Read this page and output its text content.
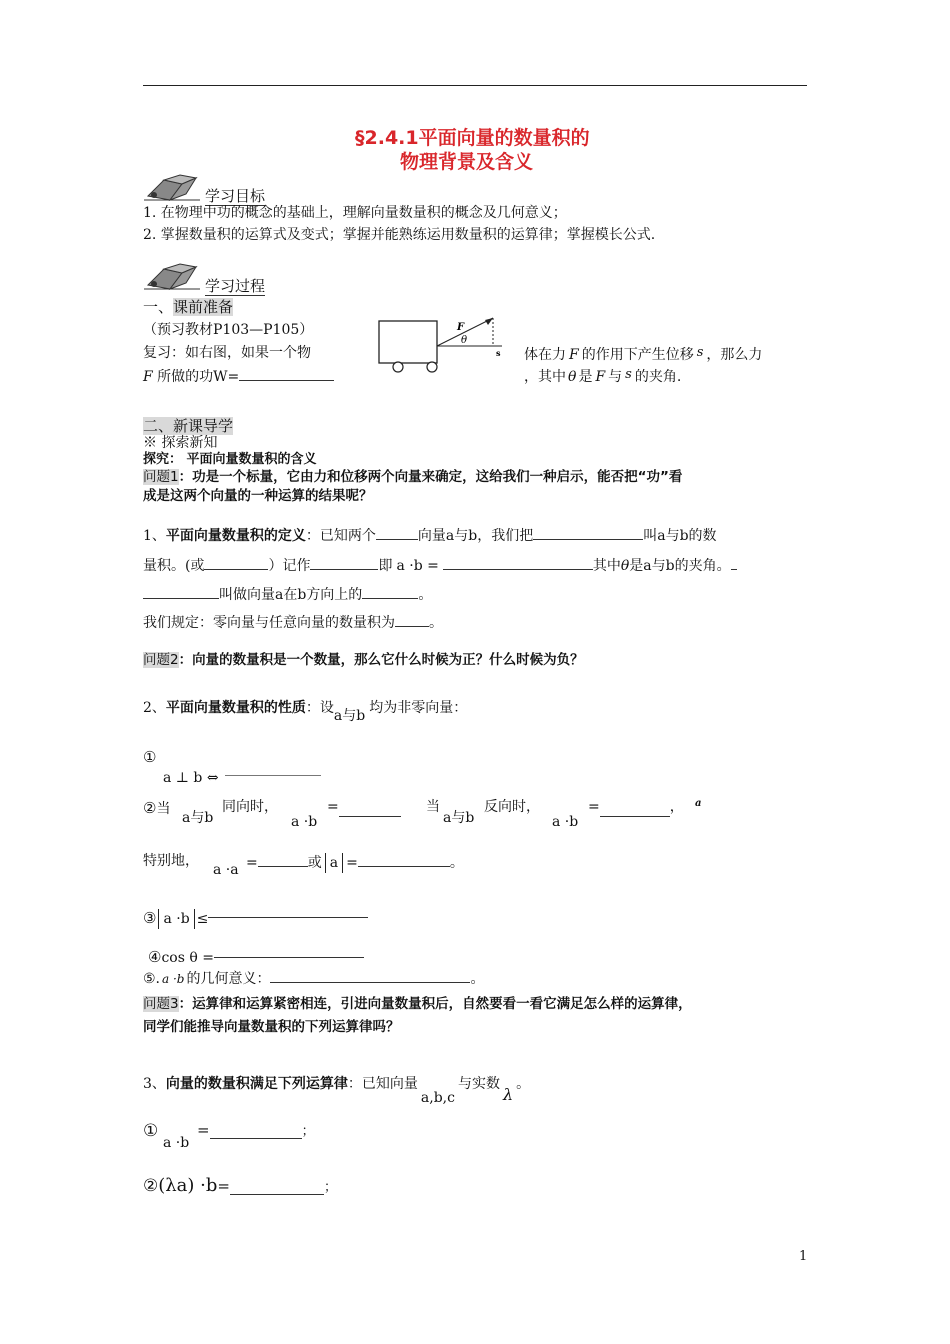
§2.4.1平面向量的数量积的
物理背景及含义
学习目标
1. 在物理中功的概念的基础上，理解向量数量积的概念及几何意义；
2. 掌握数量积的运算式及变式；掌握并能熟练运用数量积的运算律；掌握模长公式.
学习过程
一、课前准备
（预习教材P103—P105）
复习：如右图，如果一个物
F 所做的功W=
F
θ
s 体在力 F 的作用下产生位移 s ，那么力
，其中 θ 是 F 与 s 的夹角.
二、新课导学
※ 探索新知
探究： 平面向量数量积的含义
问题1：功是一个标量，它由力和位移两个向量来确定，这给我们一种启示，能否把“功”看
成是这两个向量的一种运算的结果呢？
1、平面向量数量积的定义：已知两个	向量a与b，我们把	叫a与b的数
量积。(或	）记作	即 a ·b =	其中θ是a与b的夹角。
叫做向量a在b方向上的	。
我们规定：零向量与任意向量的数量积为 。
问题2：向量的数量积是一个数量，那么它什么时候为正？什么时候为负？
2、平面向量数量积的性质：设a与b 均为非零向量：
①
a ⊥ b ⇔
②当
a与b
同向时，
a ·b
=	当
a与b
反向时，
a ·b
=	， a
特别地，
a ·a =	或 a =	。
③ a ·b ≤
④cos θ =
⑤. a ·b 的几何意义：	。
问题3：运算律和运算紧密相连，引进向量数量积后，自然要看一看它满足怎么样的运算律，
同学们能推导向量数量积的下列运算律吗？
3、向量的数量积满足下列运算律：已知向量a,b,c与实数λ。
①
a ·b
=	；
②(λa) ·b=	；
1
